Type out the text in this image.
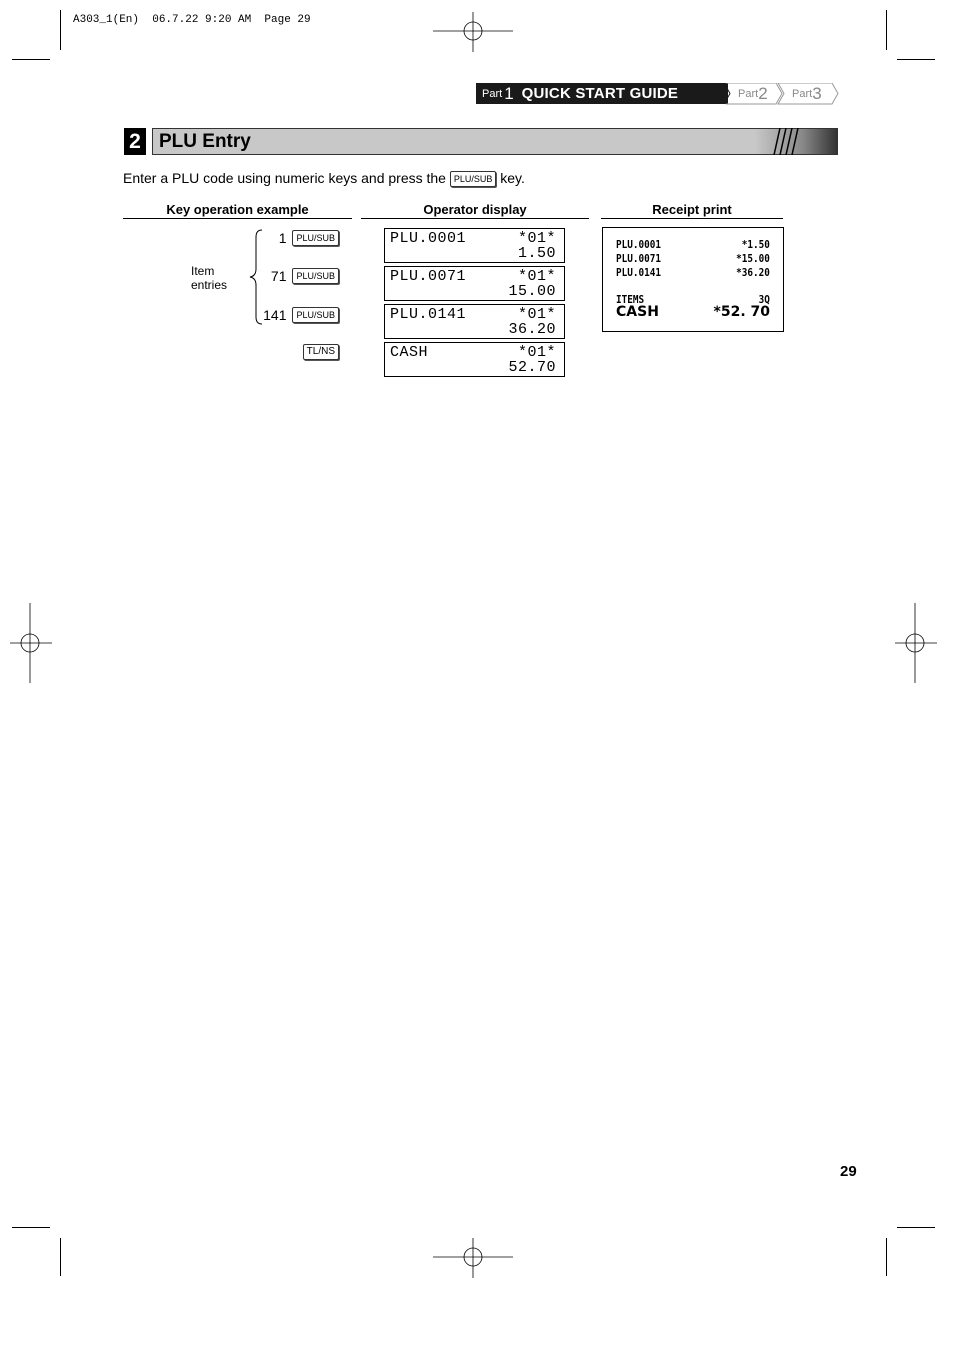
A303_1(En)  06.7.22 9:20 AM  Page 29
Part 1 QUICK START GUIDE	Part 2 Part 3
2 PLU Entry
Enter a PLU code using numeric keys and press the PLU/SUB key.
Key operation example	Operator display	Receipt print
Item
entries
1	PLU/SUB
71	PLU/SUB
141	PLU/SUB
TL/NS
PLU.0001	*01*
1.50
PLU.0071	*01*
15.00
PLU.0141	*01*
36.20
CASH	*01*
52.70
PLU.0001	*1.50
PLU.0071	*15.00
PLU.0141	*36.20
ITEMS	3Q
CASH	*52. 70
29
